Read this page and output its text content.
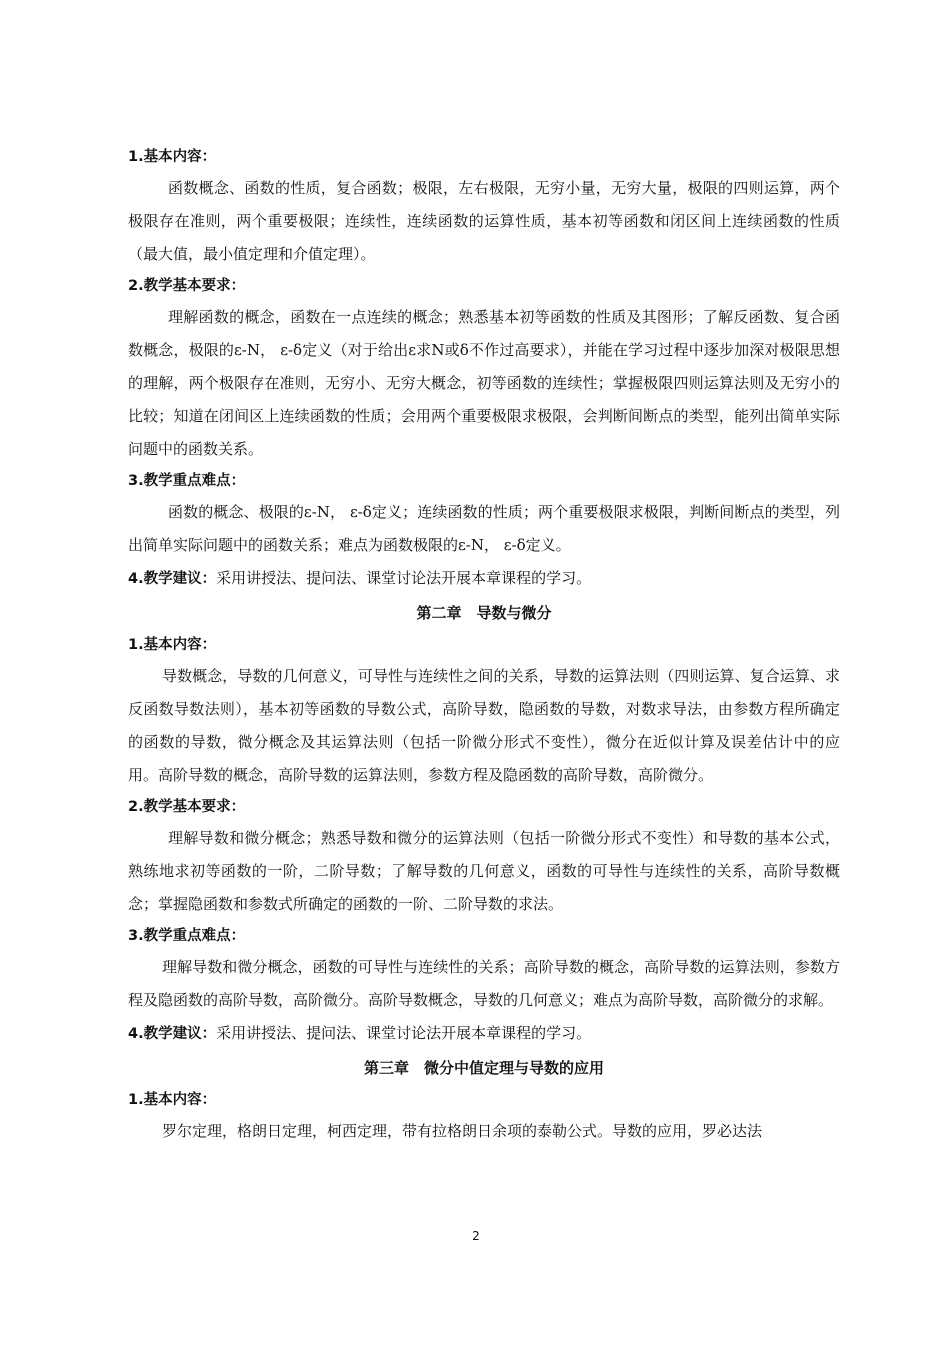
1.基本内容：
函数概念、函数的性质，复合函数；极限，左右极限，无穷小量，无穷大量，极限的四则运算，两个极限存在准则，两个重要极限；连续性，连续函数的运算性质，基本初等函数和闭区间上连续函数的性质（最大值，最小值定理和介值定理）。
2.教学基本要求：
理解函数的概念，函数在一点连续的概念；熟悉基本初等函数的性质及其图形；了解反函数、复合函数概念，极限的ε-N， ε-δ定义（对于给出ε求N或δ不作过高要求），并能在学习过程中逐步加深对极限思想的理解，两个极限存在准则，无穷小、无穷大概念，初等函数的连续性；掌握极限四则运算法则及无穷小的比较；知道在闭间区上连续函数的性质；会用两个重要极限求极限，会判断间断点的类型，能列出简单实际问题中的函数关系。
3.教学重点难点：
函数的概念、极限的ε-N， ε-δ定义；连续函数的性质；两个重要极限求极限，判断间断点的类型，列出简单实际问题中的函数关系；难点为函数极限的ε-N， ε-δ定义。
4.教学建议：采用讲授法、提问法、课堂讨论法开展本章课程的学习。
第二章　导数与微分
1.基本内容：
导数概念，导数的几何意义，可导性与连续性之间的关系，导数的运算法则（四则运算、复合运算、求反函数导数法则），基本初等函数的导数公式，高阶导数，隐函数的导数，对数求导法，由参数方程所确定的函数的导数，微分概念及其运算法则（包括一阶微分形式不变性），微分在近似计算及误差估计中的应用。高阶导数的概念，高阶导数的运算法则，参数方程及隐函数的高阶导数，高阶微分。
2.教学基本要求：
理解导数和微分概念；熟悉导数和微分的运算法则（包括一阶微分形式不变性）和导数的基本公式，熟练地求初等函数的一阶，二阶导数；了解导数的几何意义，函数的可导性与连续性的关系，高阶导数概念；掌握隐函数和参数式所确定的函数的一阶、二阶导数的求法。
3.教学重点难点：
理解导数和微分概念，函数的可导性与连续性的关系；高阶导数的概念，高阶导数的运算法则，参数方程及隐函数的高阶导数，高阶微分。高阶导数概念，导数的几何意义；难点为高阶导数，高阶微分的求解。
4.教学建议：采用讲授法、提问法、课堂讨论法开展本章课程的学习。
第三章　微分中值定理与导数的应用
1.基本内容：
罗尔定理，格朗日定理，柯西定理，带有拉格朗日余项的泰勒公式。导数的应用，罗必达法
2
